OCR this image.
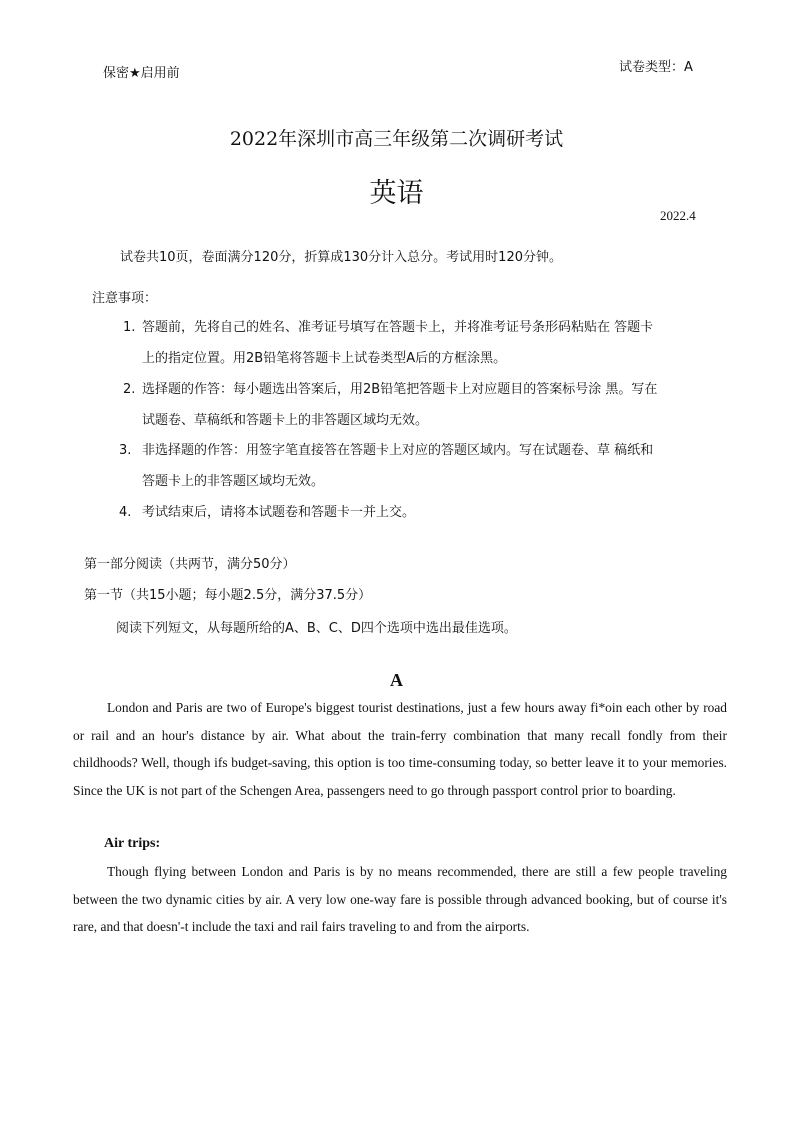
保密★启用前	试卷类型：A
2022年深圳市高三年级第二次调研考试
英语
2022.4
试卷共10页，卷面满分120分，折算成130分计入总分。考试用时120分钟。
注意事项：
1. 答题前，先将自己的姓名、准考证号填写在答题卡上，并将准考证号条形码粘贴在 答题卡
上的指定位置。用2B铅笔将答题卡上试卷类型A后的方框涂黑。
2. 选择题的作答：每小题选出答案后，用2B铅笔把答题卡上对应题目的答案标号涂 黑。写在
试题卷、草稿纸和答题卡上的非答题区域均无效。
3. 非选择题的作答：用签字笔直接答在答题卡上对应的答题区域内。写在试题卷、草 稿纸和
答题卡上的非答题区域均无效。
4. 考试结束后，请将本试题卷和答题卡一并上交。
第一部分阅读（共两节，满分50分）
第一节（共15小题；每小题2.5分，满分37.5分）
阅读下列短文，从每题所给的A、B、C、D四个选项中选出最佳选项。
A

London and Paris are two of Europe's biggest tourist destinations, just a few hours away fi*oin each other by road or rail and an hour's distance by air. What about the train-ferry combination that many recall fondly from their childhoods? Well, though ifs budget-saving, this option is too time-consuming today, so better leave it to your memories. Since the UK is not part of the Schengen Area, passengers need to go through passport control prior to boarding.

Air trips:

Though flying between London and Paris is by no means recommended, there are still a few people traveling between the two dynamic cities by air. A very low one-way fare is possible through advanced booking, but of course it's rare, and that doesn'-t include the taxi and rail fairs traveling to and from the airports.
